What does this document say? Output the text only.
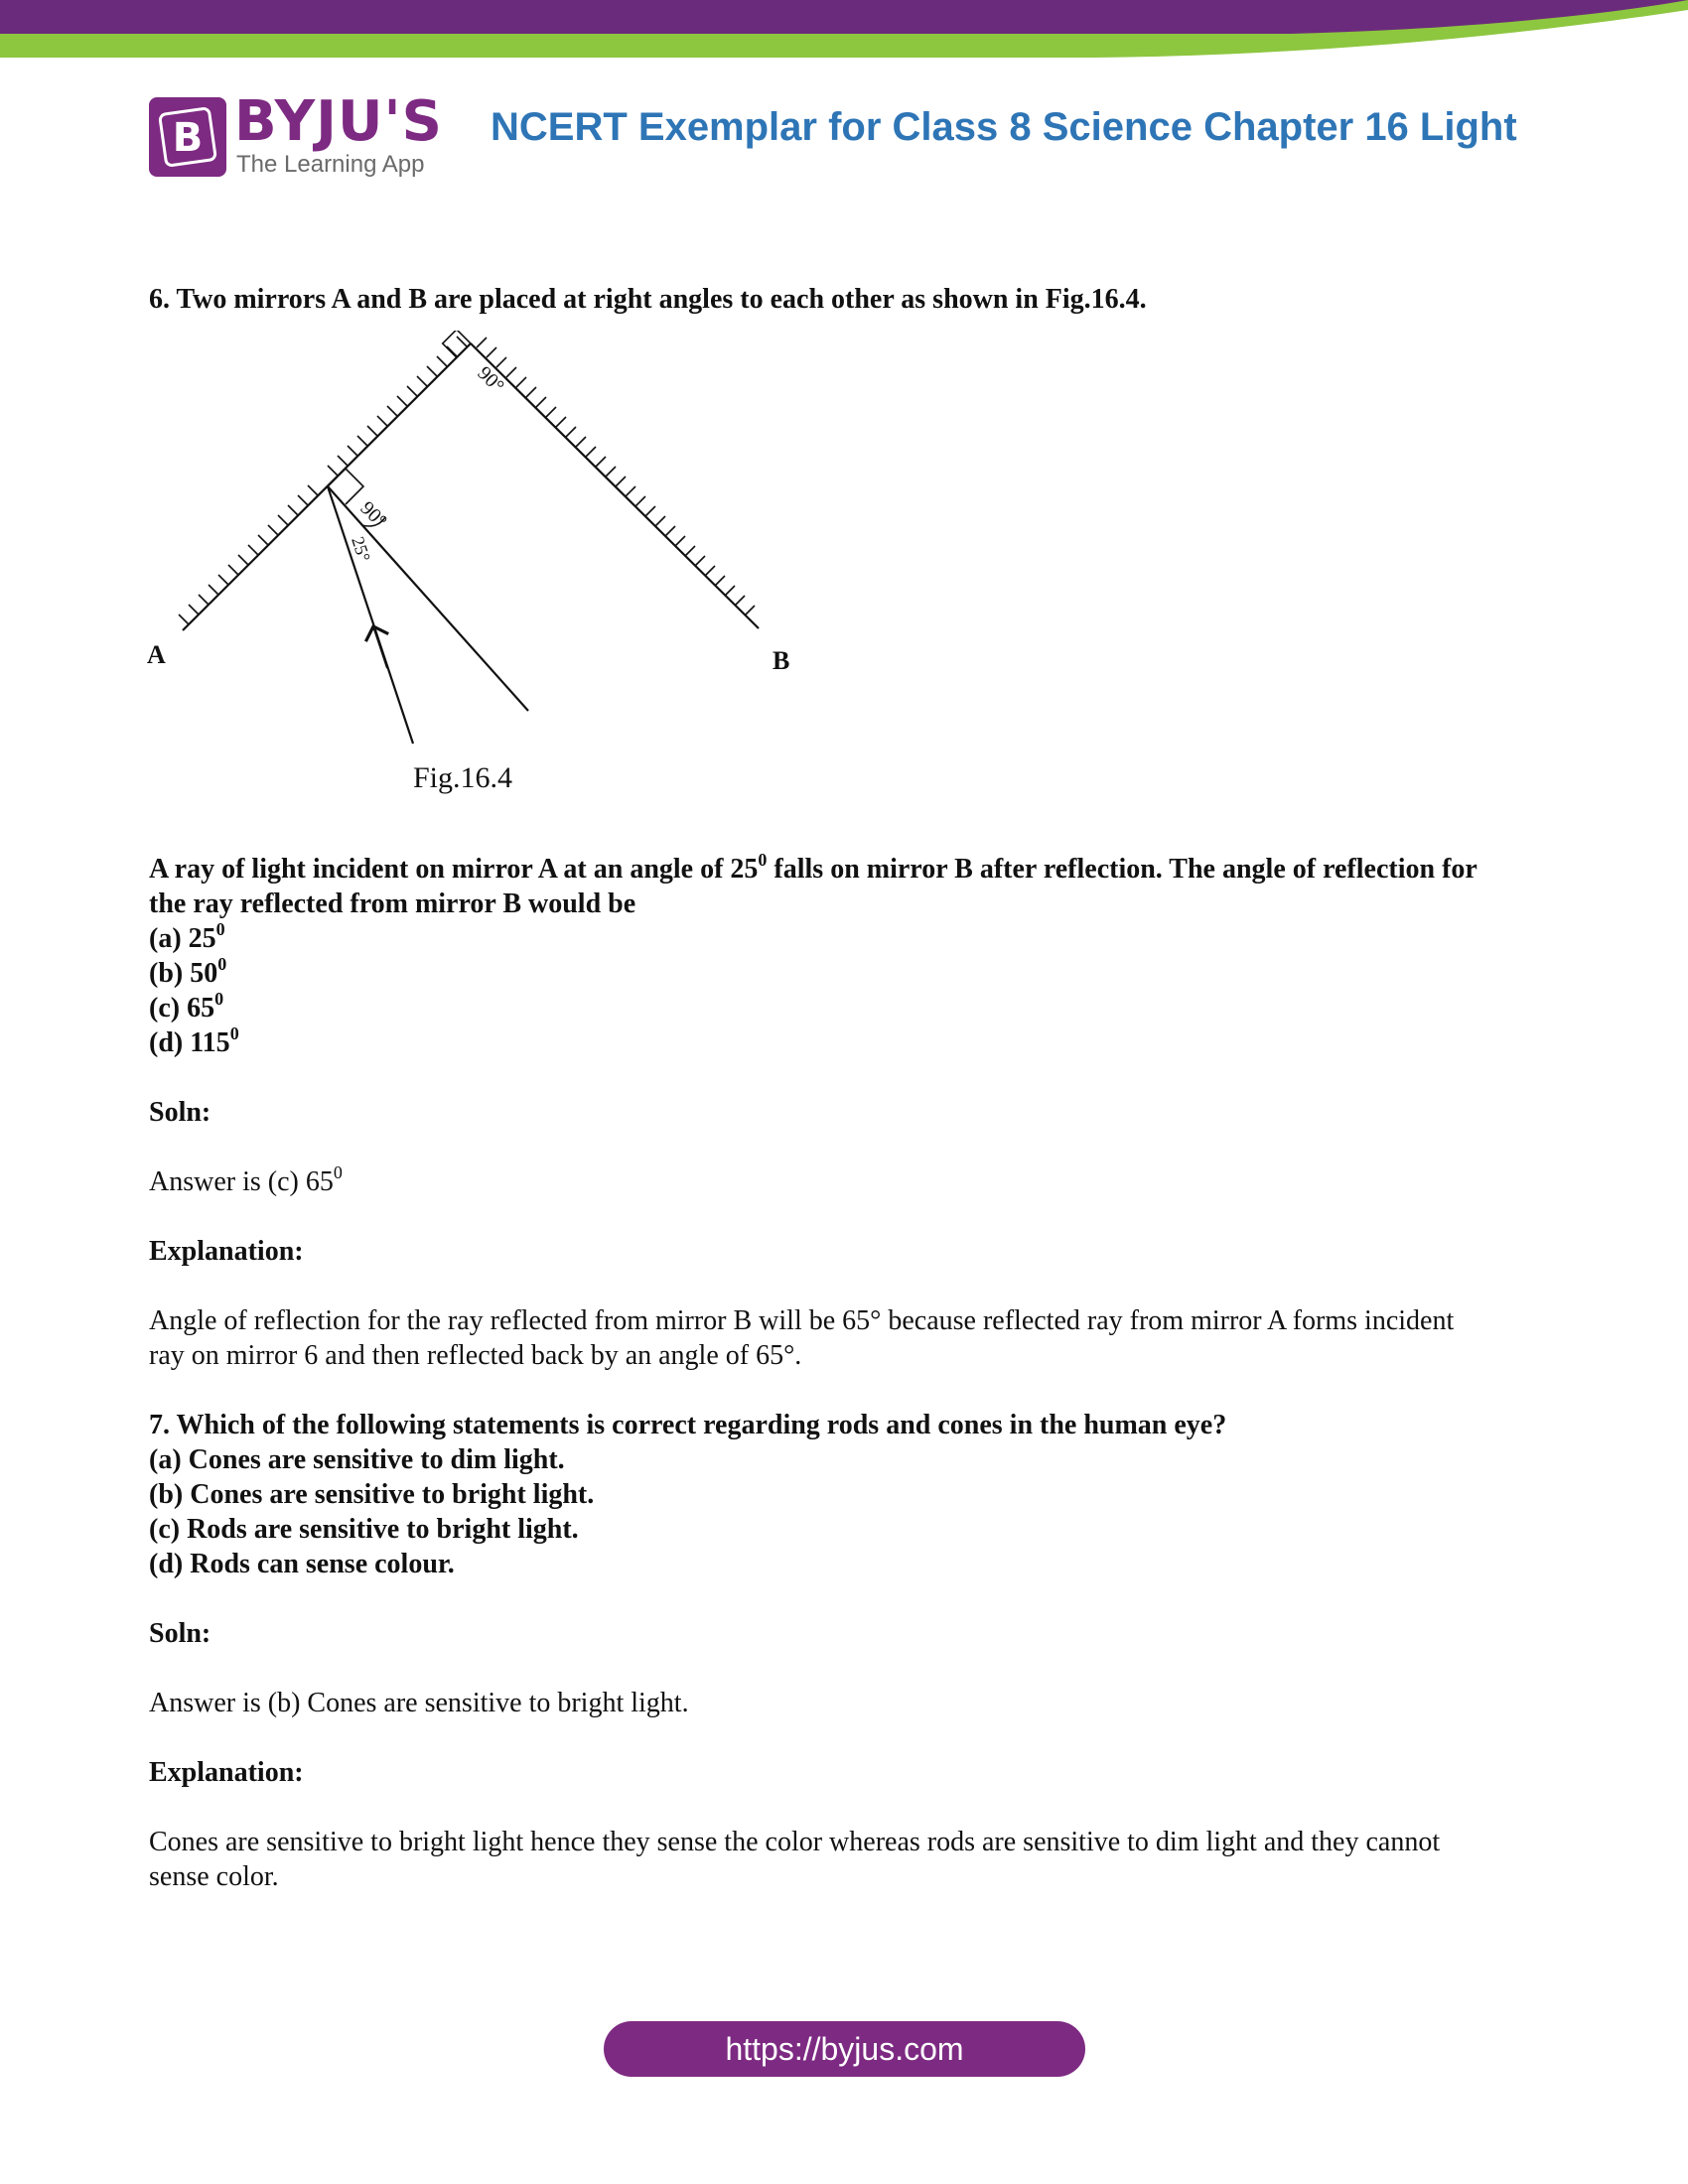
B BYJU'S
The Learning App
NCERT Exemplar for Class 8 Science Chapter 16 Light

6. Two mirrors A and B are placed at right angles to each other as shown in Fig.16.4.

90°
90°
25°
A	B
Fig.16.4

A ray of light incident on mirror A at an angle of $25^0$ falls on mirror B after reflection. The angle of reflection for the ray reflected from mirror B would be

(a) $25^0$

(b) $50^0$

(c) $65^0$

(d) $115^0$

Soln:

Answer is (c) $65^0$

Explanation:

Angle of reflection for the ray reflected from mirror B will be 65° because reflected ray from mirror A forms incident ray on mirror 6 and then reflected back by an angle of 65°.

7. Which of the following statements is correct regarding rods and cones in the human eye?

(a) Cones are sensitive to dim light.

(b) Cones are sensitive to bright light.

(c) Rods are sensitive to bright light.

(d) Rods can sense colour.

Soln:

Answer is (b) Cones are sensitive to bright light.

Explanation:

Cones are sensitive to bright light hence they sense the color whereas rods are sensitive to dim light and they cannot sense color.

https://byjus.com
